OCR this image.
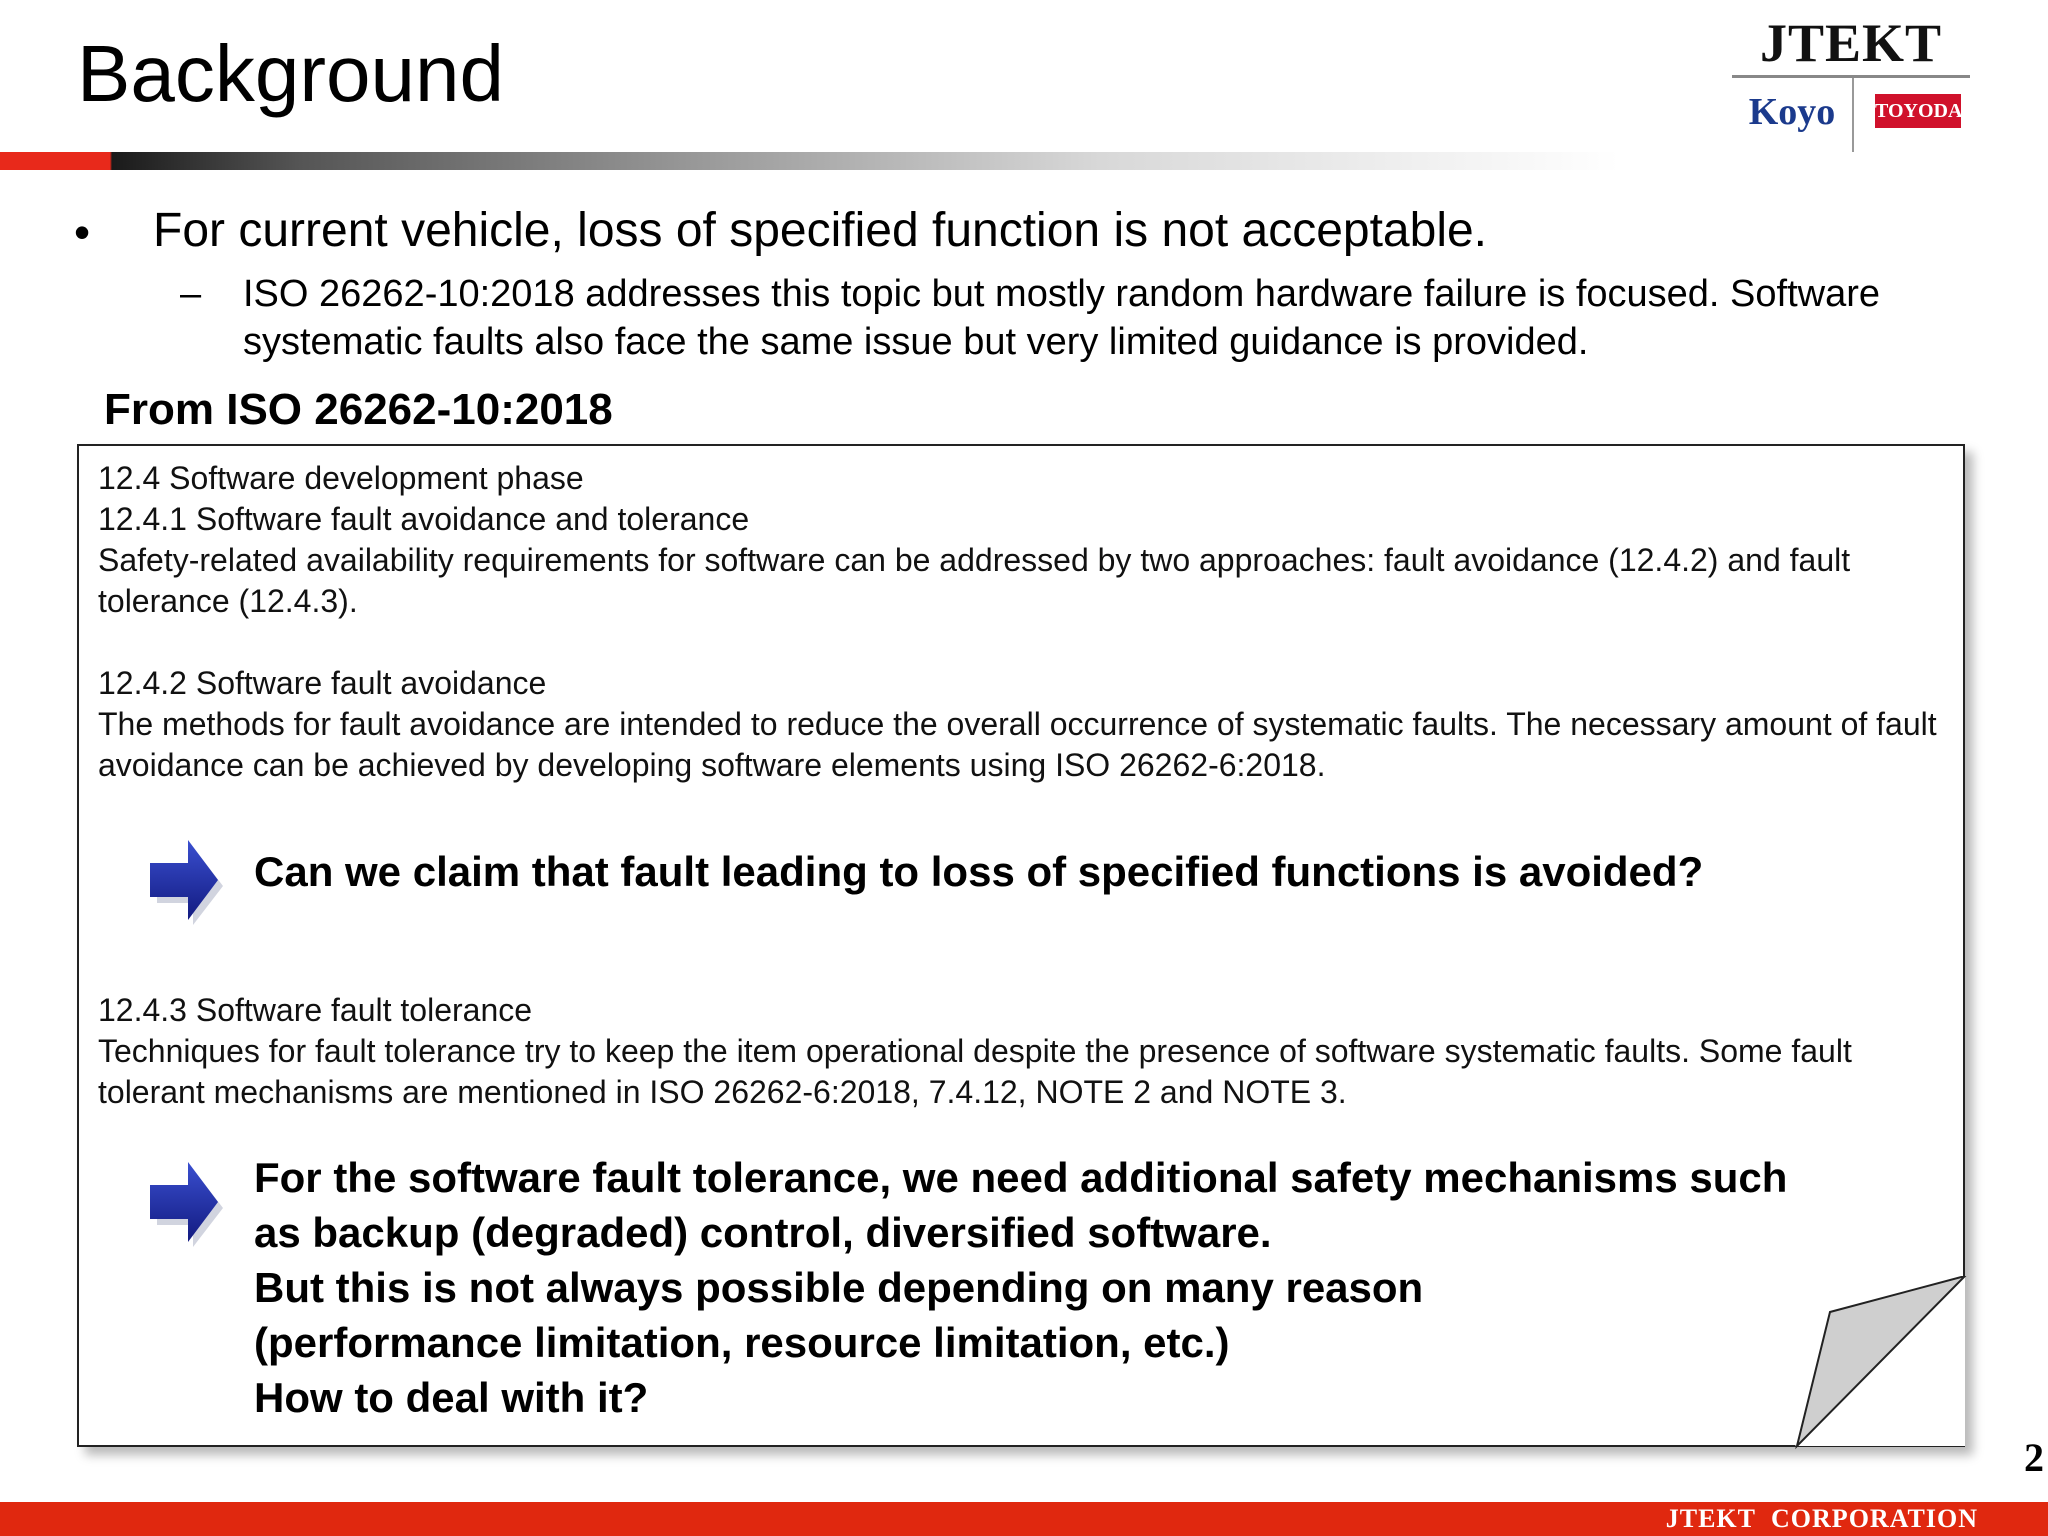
Background	JTEKT
Koyo	TOYODA
• For current vehicle, loss of specified function is not acceptable.

– ISO 26262-10:2018 addresses this topic but mostly random hardware failure is focused. Software systematic faults also face the same issue but very limited guidance is provided.

From ISO 26262-10:2018

12.4 Software development phase

12.4.1 Software fault avoidance and tolerance

Safety-related availability requirements for software can be addressed by two approaches: fault avoidance (12.4.2) and fault tolerance (12.4.3).

12.4.2 Software fault avoidance

The methods for fault avoidance are intended to reduce the overall occurrence of systematic faults. The necessary amount of fault avoidance can be achieved by developing software elements using ISO 26262-6:2018.

Can we claim that fault leading to loss of specified functions is avoided?

12.4.3 Software fault tolerance

Techniques for fault tolerance try to keep the item operational despite the presence of software systematic faults. Some fault tolerant mechanisms are mentioned in ISO 26262-6:2018, 7.4.12, NOTE 2 and NOTE 3.

For the software fault tolerance, we need additional safety mechanisms such
as backup (degraded) control, diversified software.
But this is not always possible depending on many reason
(performance limitation, resource limitation, etc.)
How to deal with it?
2
JTEKT CORPORATION
